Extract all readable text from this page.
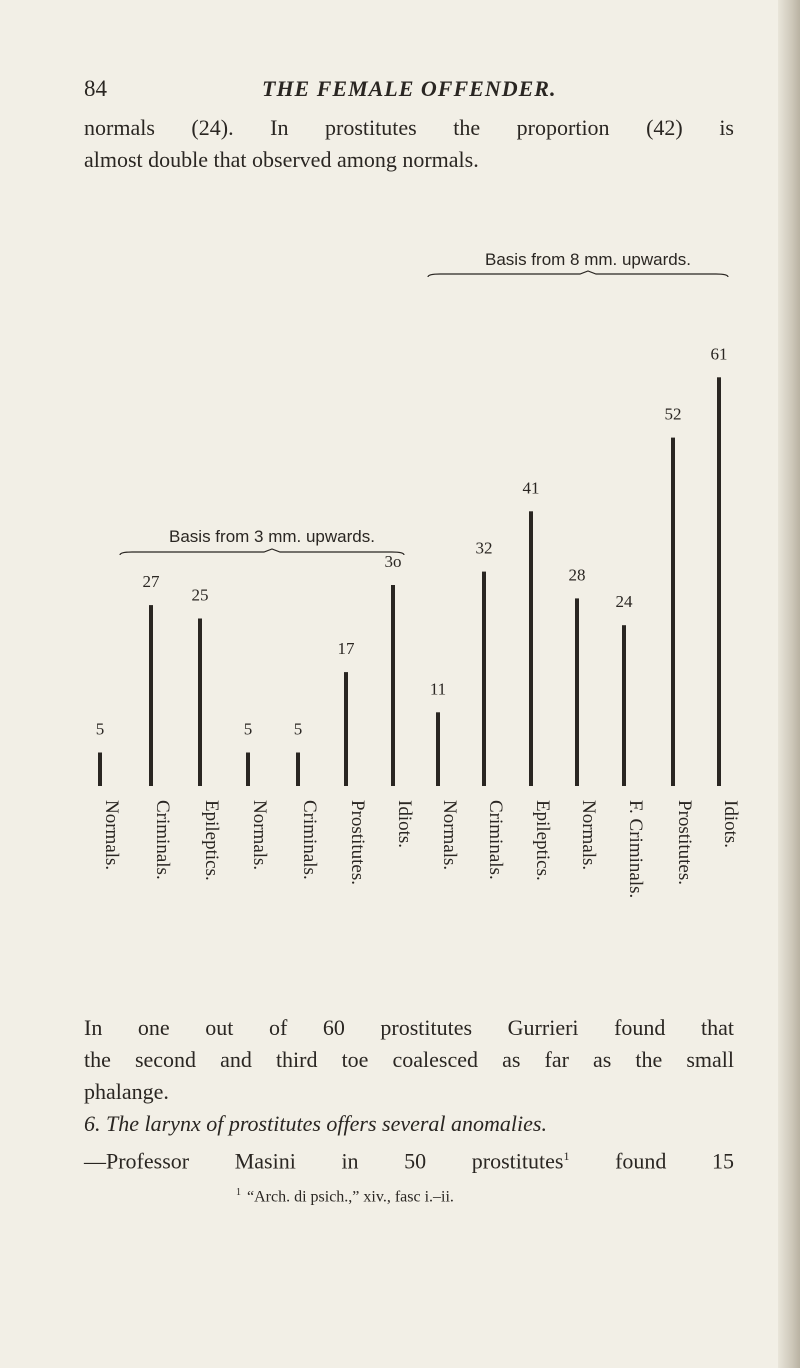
84	THE FEMALE OFFENDER.
normals (24). In prostitutes the proportion (42) is
almost double that observed among normals.
5
Normals.
27
Criminals.
25
Epileptics.
5
Normals.
5
Criminals.
17
Prostitutes.
3o
Idiots.
11
Normals.
32
Criminals.
41
Epileptics.
28
Normals.
24
F. Criminals.
52
Prostitutes.
61
Idiots.
Basis from 3 mm. upwards.
Basis from 8 mm. upwards.
In one out of 60 prostitutes Gurrieri found that
the second and third toe coalesced as far as the small
phalange.
6. The larynx of prostitutes offers several anomalies.
—Professor Masini in 50 prostitutes$^1$ found 15
$^1$ “Arch. di psich.,” xiv., fasc i.–ii.
